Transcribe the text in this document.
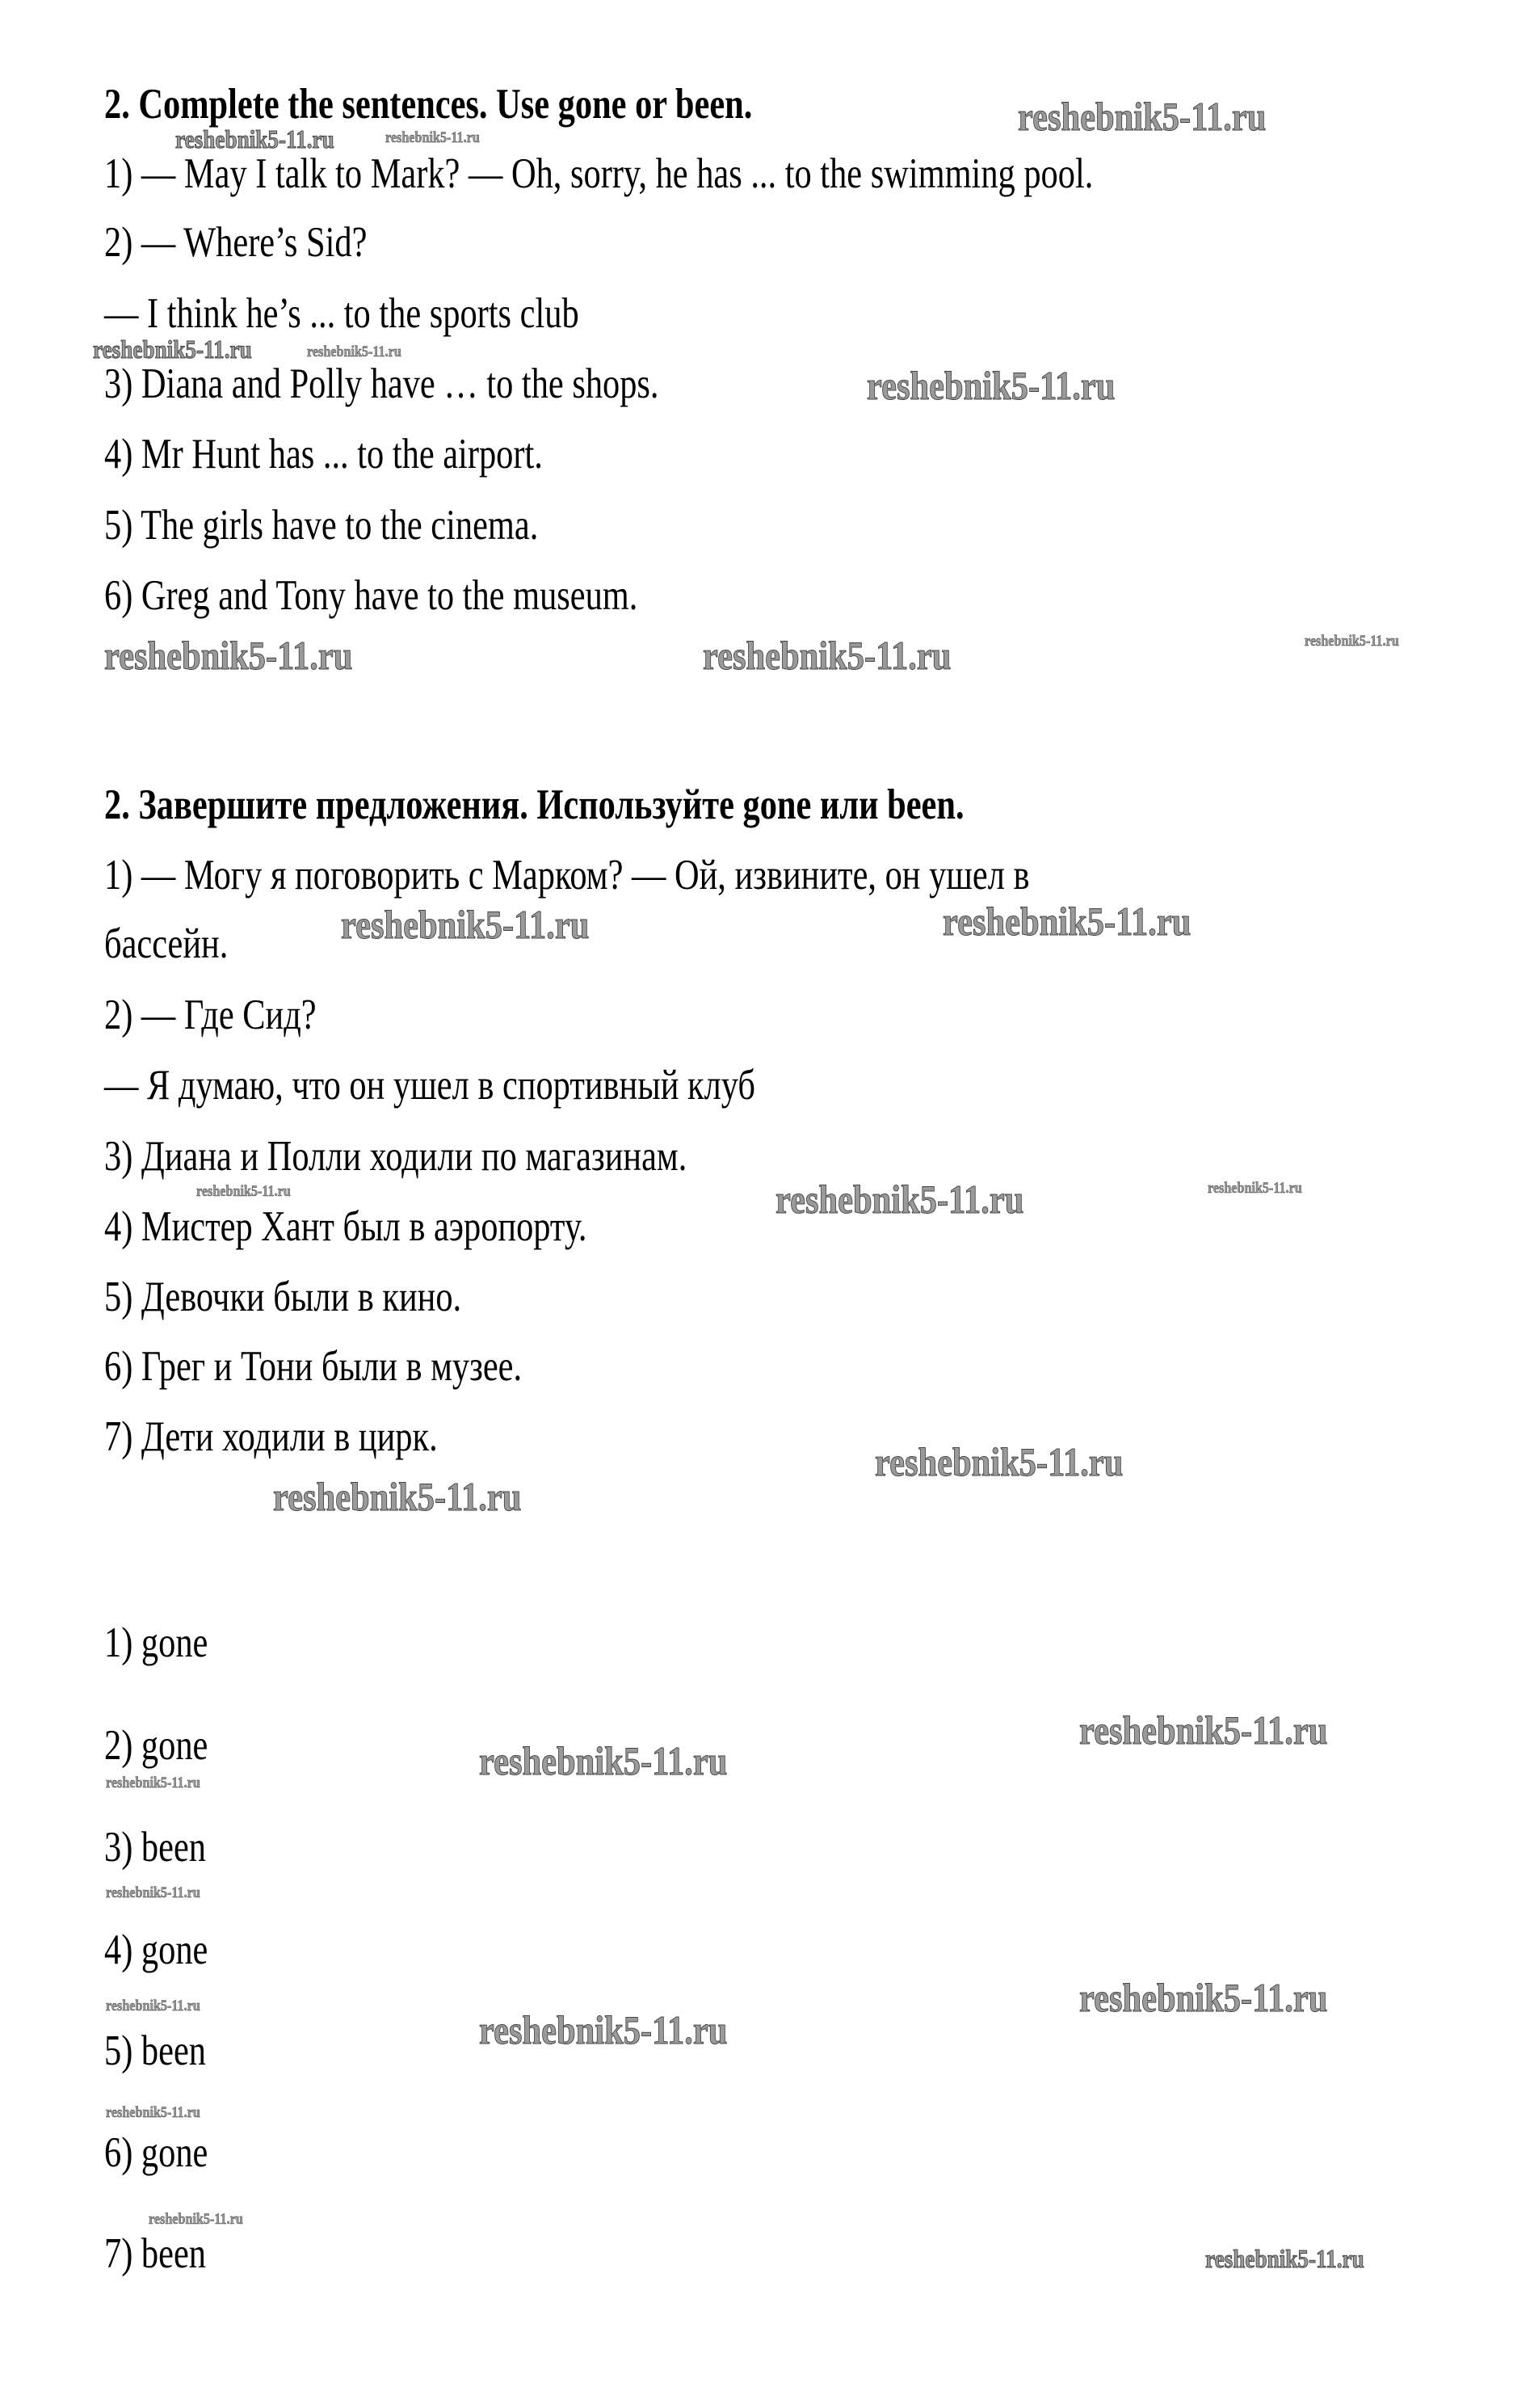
2. Complete the sentences. Use gone or been.
1) — May I talk to Mark? — Oh, sorry, he has ... to the swimming pool.
2) — Where’s Sid?
— I think he’s ... to the sports club
3) Diana and Polly have … to the shops.
4) Mr Hunt has ... to the airport.
5) The girls have to the cinema.
6) Greg and Tony have to the museum.
2. Завершите предложения. Используйте gone или been.
1) — Могу я поговорить с Марком? — Ой, извините, он ушел в
бассейн.
2) — Где Сид?
— Я думаю, что он ушел в спортивный клуб
3) Диана и Полли ходили по магазинам.
4) Мистер Хант был в аэропорту.
5) Девочки были в кино.
6) Грег и Тони были в музее.
7) Дети ходили в цирк.
1) gone
2) gone
3) been
4) gone
5) been
6) gone
7) been
reshebnik5-11.ru
reshebnik5-11.ru	reshebnik5-11.ru
reshebnik5-11.ru	reshebnik5-11.ru
reshebnik5-11.ru
reshebnik5-11.ru	reshebnik5-11.ru	reshebnik5-11.ru
reshebnik5-11.ru	reshebnik5-11.ru
reshebnik5-11.ru	reshebnik5-11.ru	reshebnik5-11.ru
reshebnik5-11.ru
reshebnik5-11.ru
reshebnik5-11.ru
reshebnik5-11.ru
reshebnik5-11.ru
reshebnik5-11.ru
reshebnik5-11.ru	reshebnik5-11.ru
reshebnik5-11.ru
reshebnik5-11.ru
reshebnik5-11.ru
reshebnik5-11.ru
